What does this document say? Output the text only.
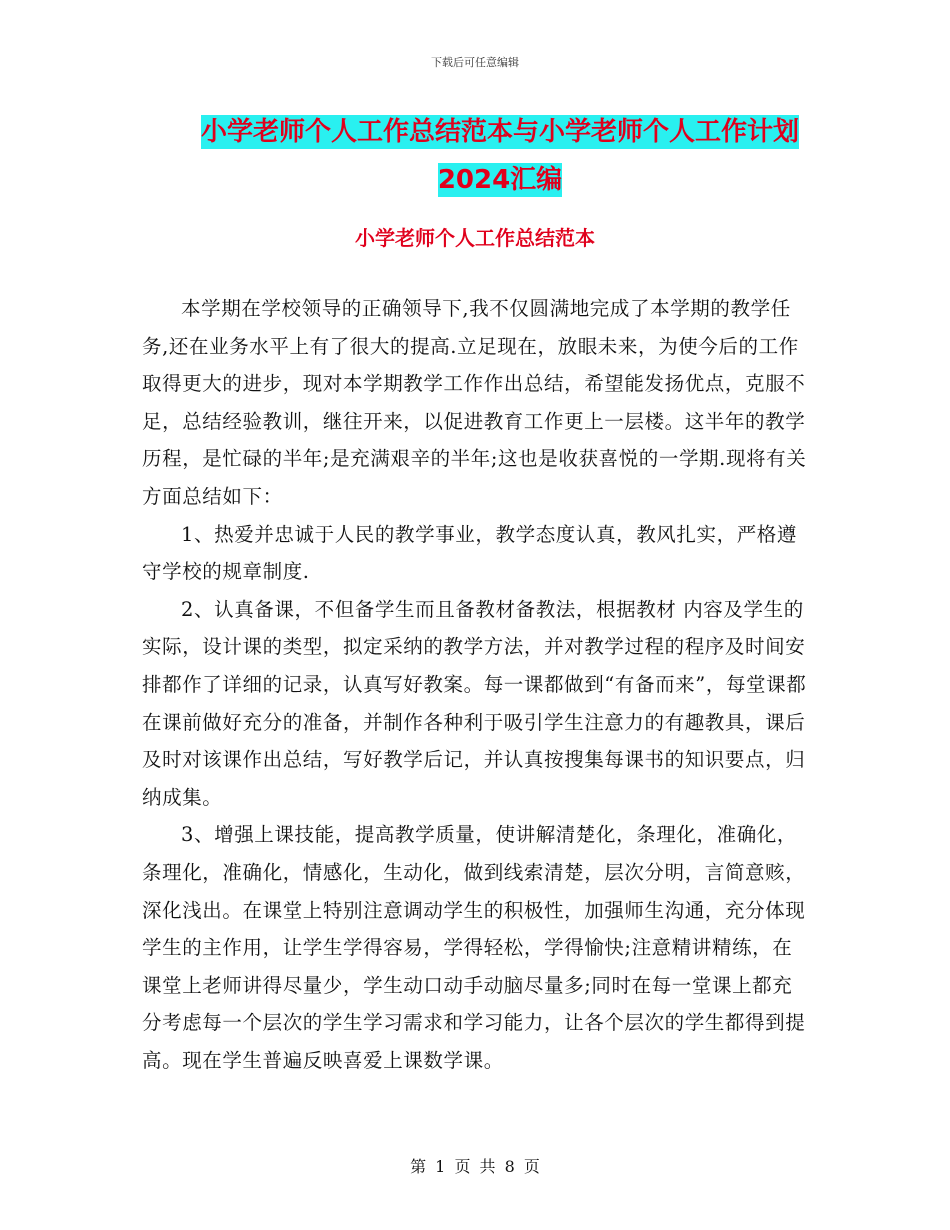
下载后可任意编辑
小学老师个人工作总结范本与小学老师个人工作计划
2024汇编
小学老师个人工作总结范本

本学期在学校领导的正确领导下,我不仅圆满地完成了本学期的教学任务,还在业务水平上有了很大的提高.立足现在，放眼未来，为使今后的工作取得更大的进步，现对本学期教学工作作出总结，希望能发扬优点，克服不足，总结经验教训，继往开来，以促进教育工作更上一层楼。这半年的教学历程，是忙碌的半年;是充满艰辛的半年;这也是收获喜悦的一学期.现将有关方面总结如下：

1、热爱并忠诚于人民的教学事业，教学态度认真，教风扎实，严格遵守学校的规章制度.

2、认真备课，不但备学生而且备教材备教法，根据教材 内容及学生的实际，设计课的类型，拟定采纳的教学方法，并对教学过程的程序及时间安排都作了详细的记录，认真写好教案。每一课都做到“有备而来”，每堂课都在课前做好充分的准备，并制作各种利于吸引学生注意力的有趣教具，课后及时对该课作出总结，写好教学后记，并认真按搜集每课书的知识要点，归纳成集。

3、增强上课技能，提高教学质量，使讲解清楚化，条理化，准确化，条理化，准确化，情感化，生动化，做到线索清楚，层次分明，言简意赅，深化浅出。在课堂上特别注意调动学生的积极性，加强师生沟通，充分体现学生的主作用，让学生学得容易，学得轻松，学得愉快;注意精讲精练，在课堂上老师讲得尽量少，学生动口动手动脑尽量多;同时在每一堂课上都充分考虑每一个层次的学生学习需求和学习能力，让各个层次的学生都得到提高。现在学生普遍反映喜爱上课数学课。

第 1 页 共 8 页
